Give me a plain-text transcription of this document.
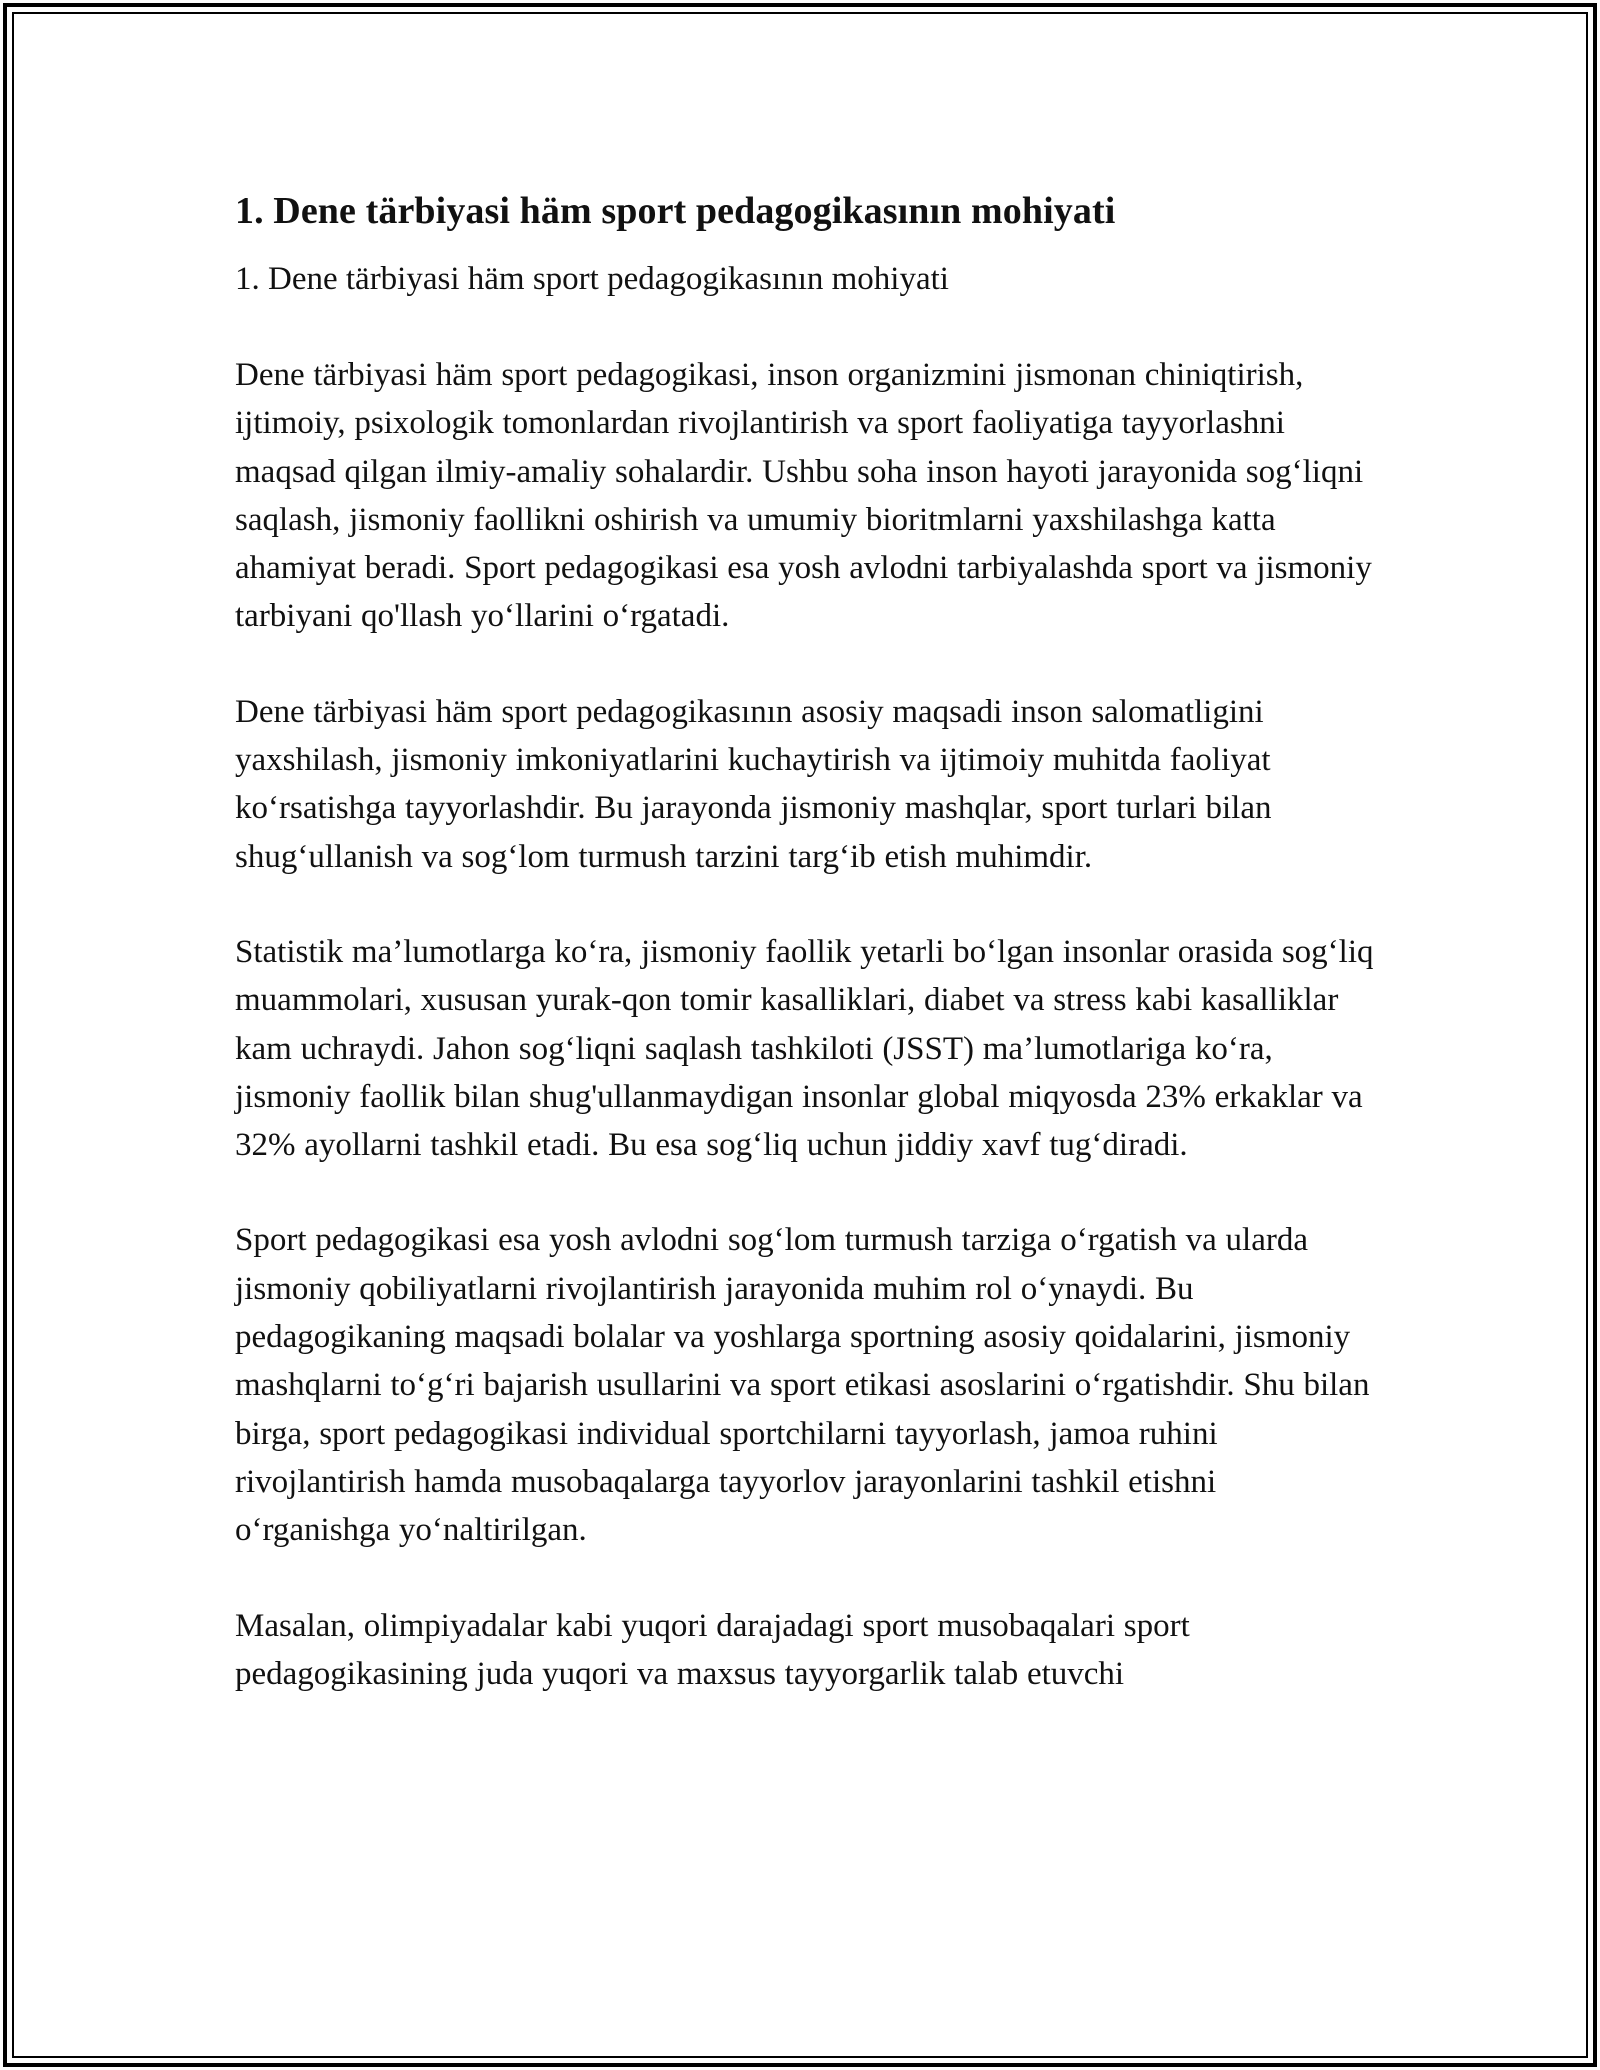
1. Dene tärbiyasi häm sport pedagogikasının mohiyati

1. Dene tärbiyasi häm sport pedagogikasının mohiyati

Dene tärbiyasi häm sport pedagogikasi, inson organizmini jismonan chiniqtirish, ijtimoiy, psixologik tomonlardan rivojlantirish va sport faoliyatiga tayyorlashni maqsad qilgan ilmiy-amaliy sohalardir. Ushbu soha inson hayoti jarayonida sog‘liqni saqlash, jismoniy faollikni oshirish va umumiy bioritmlarni yaxshilashga katta ahamiyat beradi. Sport pedagogikasi esa yosh avlodni tarbiyalashda sport va jismoniy tarbiyani qo'llash yo‘llarini o‘rgatadi.

Dene tärbiyasi häm sport pedagogikasının asosiy maqsadi inson salomatligini yaxshilash, jismoniy imkoniyatlarini kuchaytirish va ijtimoiy muhitda faoliyat ko‘rsatishga tayyorlashdir. Bu jarayonda jismoniy mashqlar, sport turlari bilan shug‘ullanish va sog‘lom turmush tarzini targ‘ib etish muhimdir.

Statistik ma’lumotlarga ko‘ra, jismoniy faollik yetarli bo‘lgan insonlar orasida sog‘liq muammolari, xususan yurak-qon tomir kasalliklari, diabet va stress kabi kasalliklar kam uchraydi. Jahon sog‘liqni saqlash tashkiloti (JSST) ma’lumotlariga ko‘ra, jismoniy faollik bilan shug'ullanmaydigan insonlar global miqyosda 23% erkaklar va 32% ayollarni tashkil etadi. Bu esa sog‘liq uchun jiddiy xavf tug‘diradi.

Sport pedagogikasi esa yosh avlodni sog‘lom turmush tarziga o‘rgatish va ularda jismoniy qobiliyatlarni rivojlantirish jarayonida muhim rol o‘ynaydi. Bu pedagogikaning maqsadi bolalar va yoshlarga sportning asosiy qoidalarini, jismoniy mashqlarni to‘g‘ri bajarish usullarini va sport etikasi asoslarini o‘rgatishdir. Shu bilan birga, sport pedagogikasi individual sportchilarni tayyorlash, jamoa ruhini rivojlantirish hamda musobaqalarga tayyorlov jarayonlarini tashkil etishni o‘rganishga yo‘naltirilgan.

Masalan, olimpiyadalar kabi yuqori darajadagi sport musobaqalari sport pedagogikasining juda yuqori va maxsus tayyorgarlik talab etuvchi
